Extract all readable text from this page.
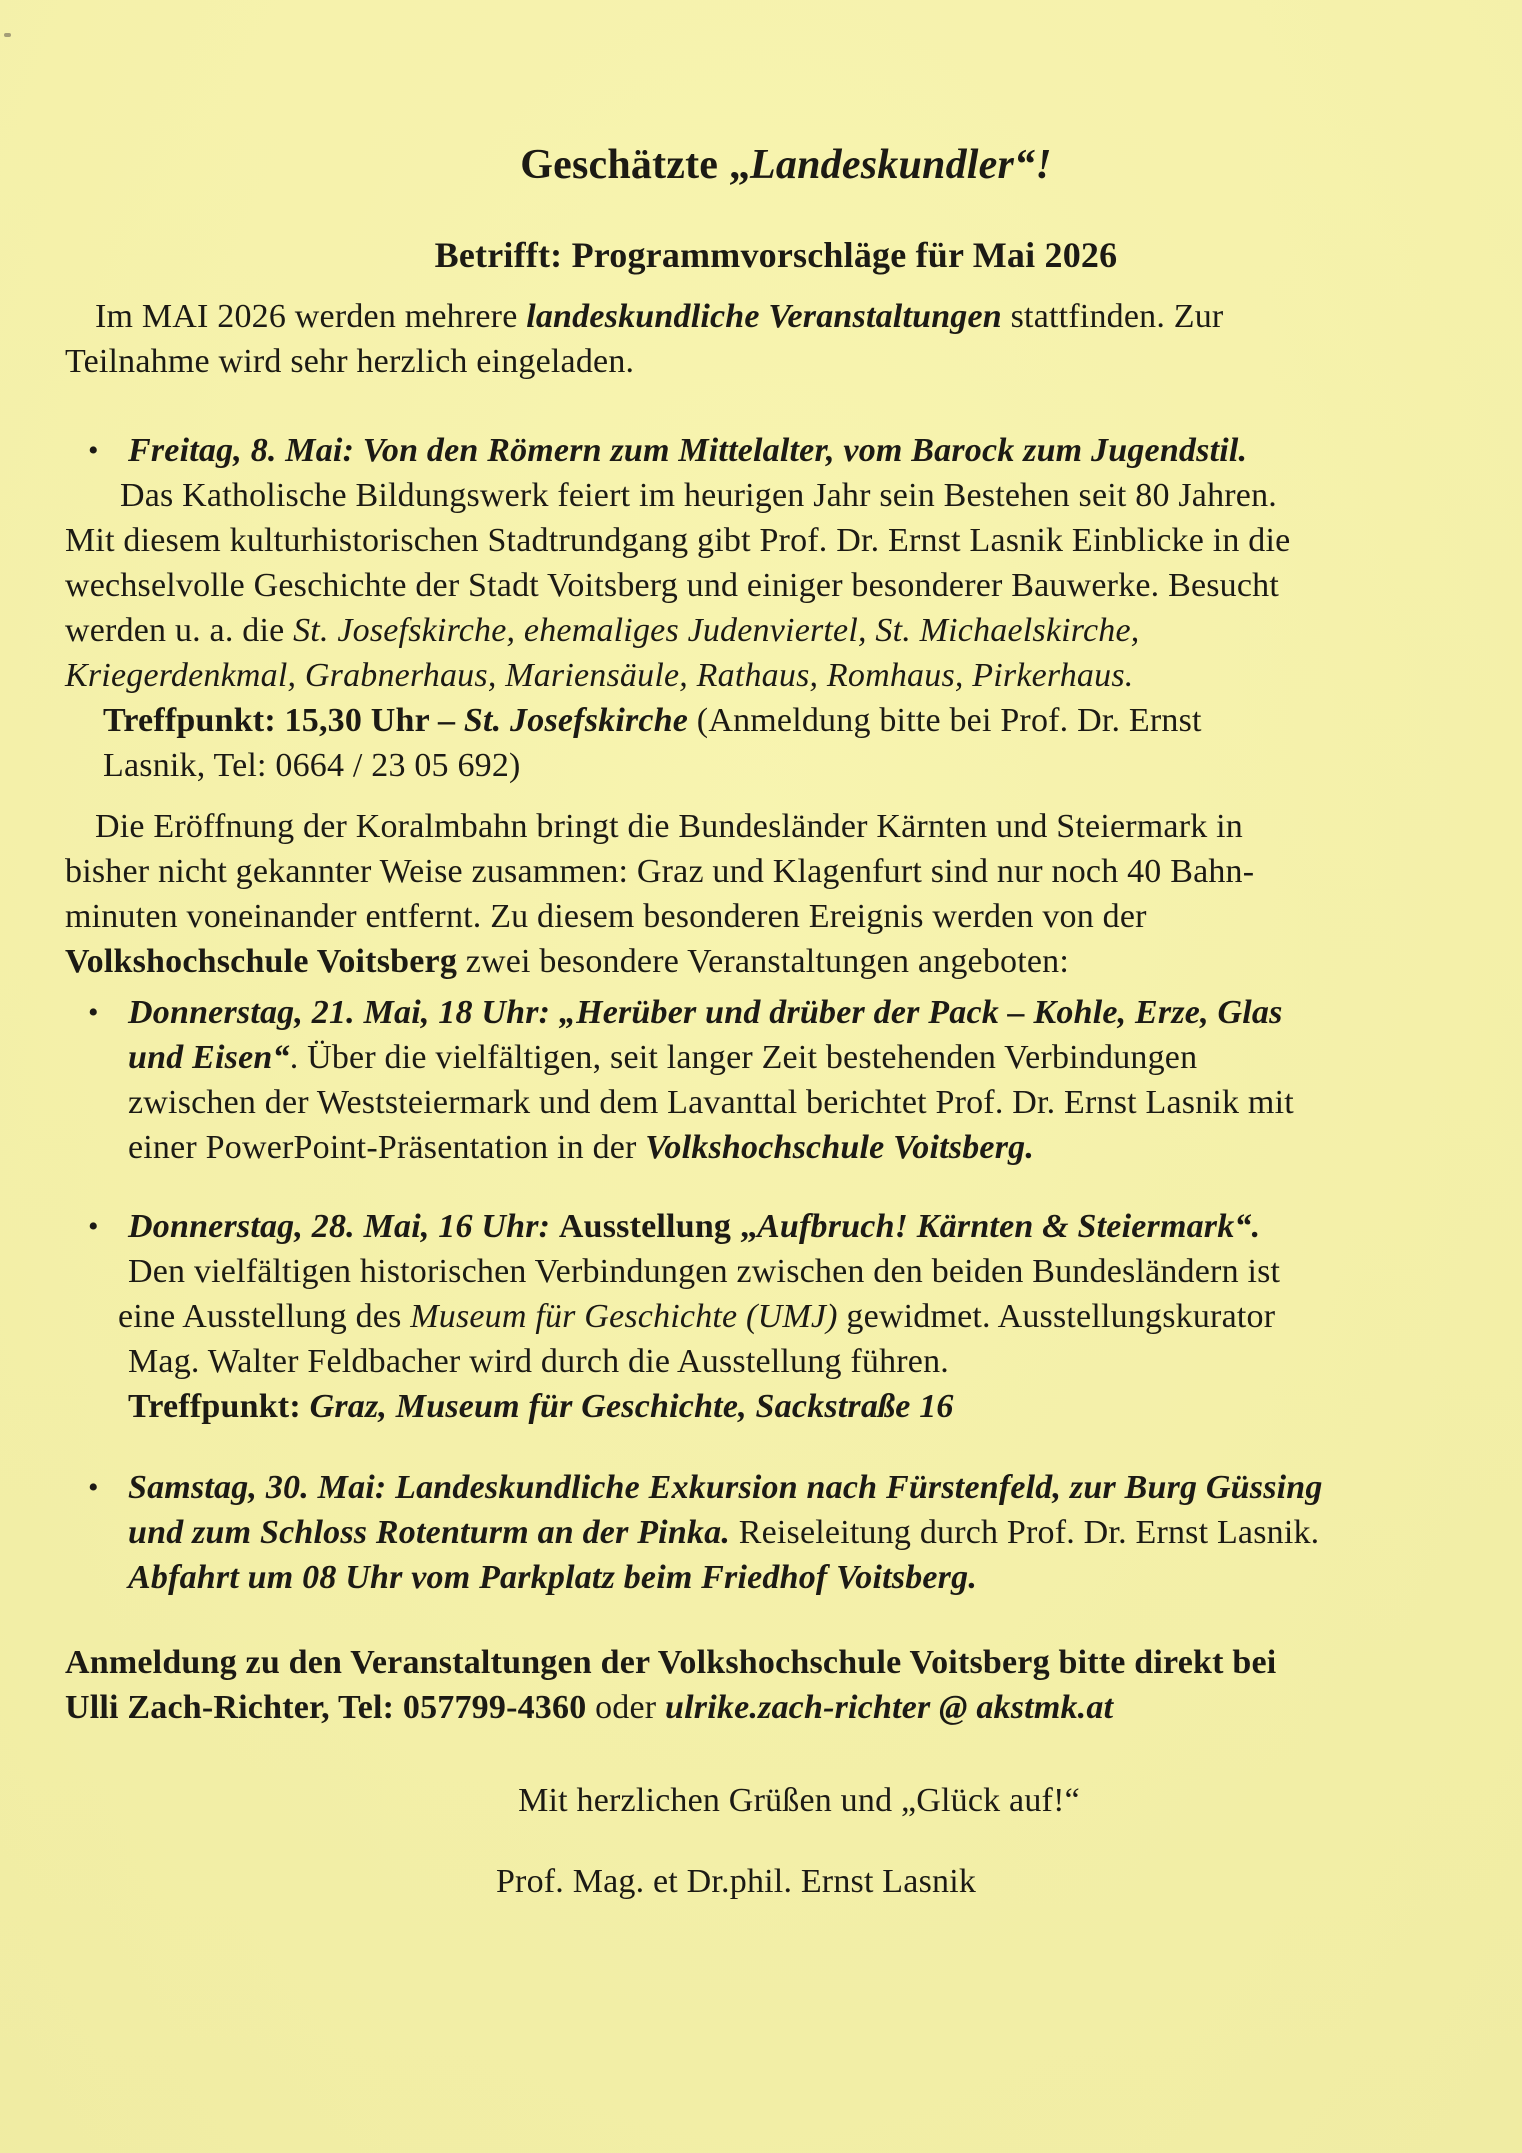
Geschätzte „Landeskundler“!
Betrifft: Programmvorschläge für Mai 2026
Im MAI 2026 werden mehrere landeskundliche Veranstaltungen stattfinden. Zur
Teilnahme wird sehr herzlich eingeladen.
• Freitag, 8. Mai: Von den Römern zum Mittelalter, vom Barock zum Jugendstil.
Das Katholische Bildungswerk feiert im heurigen Jahr sein Bestehen seit 80 Jahren.
Mit diesem kulturhistorischen Stadtrundgang gibt Prof. Dr. Ernst Lasnik Einblicke in die
wechselvolle Geschichte der Stadt Voitsberg und einiger besonderer Bauwerke. Besucht
werden u. a. die St. Josefskirche, ehemaliges Judenviertel, St. Michaelskirche,
Kriegerdenkmal, Grabnerhaus, Mariensäule, Rathaus, Romhaus, Pirkerhaus.
Treffpunkt: 15,30 Uhr – St. Josefskirche (Anmeldung bitte bei Prof. Dr. Ernst
Lasnik, Tel: 0664 / 23 05 692)
Die Eröffnung der Koralmbahn bringt die Bundesländer Kärnten und Steiermark in
bisher nicht gekannter Weise zusammen: Graz und Klagenfurt sind nur noch 40 Bahn-
minuten voneinander entfernt. Zu diesem besonderen Ereignis werden von der
Volkshochschule Voitsberg zwei besondere Veranstaltungen angeboten:
• Donnerstag, 21. Mai, 18 Uhr: „Herüber und drüber der Pack – Kohle, Erze, Glas
und Eisen“. Über die vielfältigen, seit langer Zeit bestehenden Verbindungen
zwischen der Weststeiermark und dem Lavanttal berichtet Prof. Dr. Ernst Lasnik mit
einer PowerPoint-Präsentation in der Volkshochschule Voitsberg.
• Donnerstag, 28. Mai, 16 Uhr: Ausstellung „Aufbruch! Kärnten & Steiermark“.
Den vielfältigen historischen Verbindungen zwischen den beiden Bundesländern ist
eine Ausstellung des Museum für Geschichte (UMJ) gewidmet. Ausstellungskurator
Mag. Walter Feldbacher wird durch die Ausstellung führen.
Treffpunkt: Graz, Museum für Geschichte, Sackstraße 16
• Samstag, 30. Mai: Landeskundliche Exkursion nach Fürstenfeld, zur Burg Güssing
und zum Schloss Rotenturm an der Pinka. Reiseleitung durch Prof. Dr. Ernst Lasnik.
Abfahrt um 08 Uhr vom Parkplatz beim Friedhof Voitsberg.
Anmeldung zu den Veranstaltungen der Volkshochschule Voitsberg bitte direkt bei
Ulli Zach-Richter, Tel: 057799-4360 oder ulrike.zach-richter @ akstmk.at
Mit herzlichen Grüßen und „Glück auf!“
Prof. Mag. et Dr.phil. Ernst Lasnik
